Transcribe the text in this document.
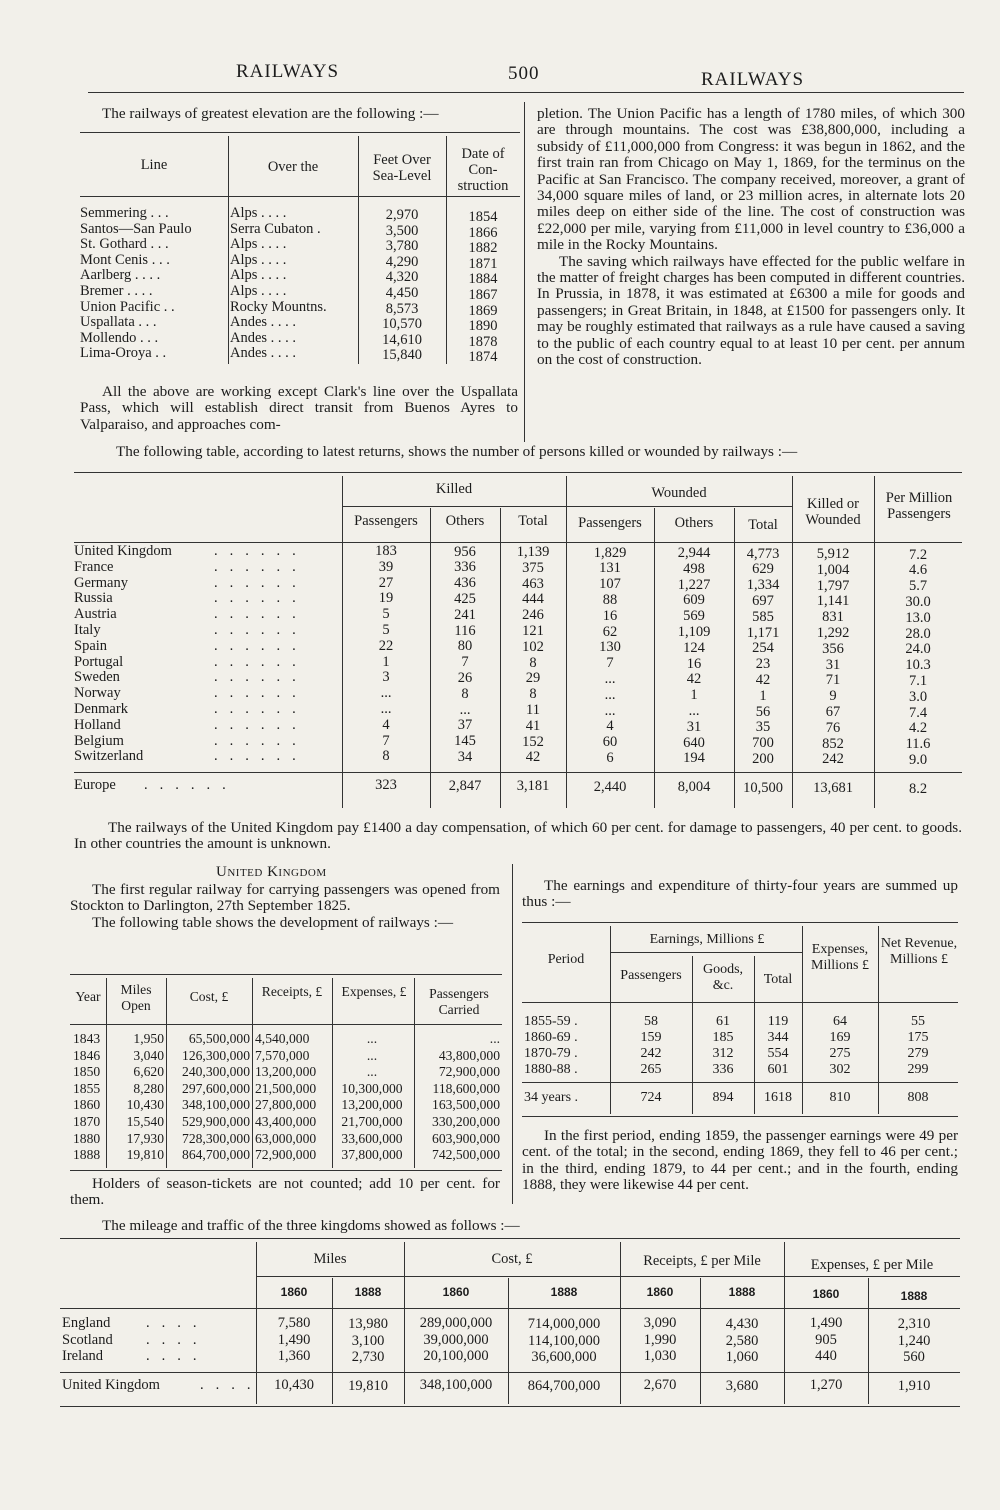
RAILWAYS	500	RAILWAYS

The railways of greatest elevation are the following :—

Line	Over the	Feet Over Sea-Level
Date of Construction
Semmering . . .	Alps . . . .	2,970	1854
Santos—San Paulo	Serra Cubaton .	3,500	1866
St. Gothard . . .	Alps . . . .	3,780	1882
Mont Cenis . . .	Alps . . . .	4,290	1871
Aarlberg . . . .	Alps . . . .	4,320	1884
Bremer . . . .	Alps . . . .	4,450	1867
Union Pacific . .	Rocky Mountns.	8,573	1869
Uspallata . . .	Andes . . . .	10,570	1890
Mollendo . . .	Andes . . . .	14,610	1878
Lima-Oroya . .	Andes . . . .	15,840	1874

All the above are working except Clark's line over the Uspallata Pass, which will establish direct transit from Buenos Ayres to Valparaiso, and approaches com-

pletion. The Union Pacific has a length of 1780 miles, of which 300 are through mountains. The cost was £38,800,000, including a subsidy of £11,000,000 from Congress: it was begun in 1862, and the first train ran from Chicago on May 1, 1869, for the terminus on the Pacific at San Francisco. The company received, moreover, a grant of 34,000 square miles of land, or 23 million acres, in alternate lots 20 miles deep on either side of the line. The cost of construction was £22,000 per mile, varying from £11,000 in level country to £36,000 a mile in the Rocky Mountains.

The saving which railways have effected for the public welfare in the matter of freight charges has been computed in different countries. In Prussia, in 1878, it was estimated at £6300 a mile for goods and passengers; in Great Britain, in 1848, at £1500 for passengers only. It may be roughly estimated that railways as a rule have caused a saving to the public of each country equal to at least 10 per cent. per annum on the cost of construction.

The following table, according to latest returns, shows the number of persons killed or wounded by railways :—

Killed	Wounded
Passengers	Others	Total	Passengers	Others	Total
Killed or Wounded
Per Million Passengers
United Kingdom	......	183	956	1,139	1,829	2,944	4,773	5,912	7.2
France	......	39	336	375	131	498	629	1,004	4.6
Germany	......	27	436	463	107	1,227	1,334	1,797	5.7
Russia	......	19	425	444	88	609	697	1,141	30.0
Austria	......	5	241	246	16	569	585	831	13.0
Italy	......	5	116	121	62	1,109	1,171	1,292	28.0
Spain	......	22	80	102	130	124	254	356	24.0
Portugal	......	1	7	8	7	16	23	31	10.3
Sweden	......	3	26	29	...	42	42	71	7.1
Norway	......	...	8	8	...	1	1	9	3.0
Denmark	......	...	...	11	...	...	56	67	7.4
Holland	......	4	37	41	4	31	35	76	4.2
Belgium	......	7	145	152	60	640	700	852	11.6
Switzerland	......	8	34	42	6	194	200	242	9.0
Europe	......	323	2,847	3,181	2,440	8,004	10,500	13,681	8.2

The railways of the United Kingdom pay £1400 a day compensation, of which 60 per cent. for damage to passengers, 40 per cent. to goods. In other countries the amount is unknown.

United Kingdom

The first regular railway for carrying passengers was opened from Stockton to Darlington, 27th September 1825.

The following table shows the development of railways :—

Year	Miles Open
Cost, £	Receipts, £	Expenses, £	Passengers Carried
1843	1,950	65,500,000 4,540,000	...	...
1846	3,040	126,300,000 7,570,000	...	43,800,000
1850	6,620	240,300,000 13,200,000	...	72,900,000
1855	8,280	297,600,000 21,500,000	10,300,000	118,600,000
1860	10,430	348,100,000 27,800,000	13,200,000	163,500,000
1870	15,540	529,900,000 43,400,000	21,700,000	330,200,000
1880	17,930	728,300,000 63,000,000	33,600,000	603,900,000
1888	19,810	864,700,000 72,900,000	37,800,000	742,500,000

Holders of season-tickets are not counted; add 10 per cent. for them.

The earnings and expenditure of thirty-four years are summed up thus :—

Period
Earnings, Millions £
Passengers	Goods, &c.	Total
Expenses, Millions £
Net Revenue, Millions £
1855-59 .	58	61	119	64	55
1860-69 .	159	185	344	169	175
1870-79 .	242	312	554	275	279
1880-88 .	265	336	601	302	299
34 years .	724	894	1618	810	808

In the first period, ending 1859, the passenger earnings were 49 per cent. of the total; in the second, ending 1869, they fell to 46 per cent.; in the third, ending 1879, to 44 per cent.; and in the fourth, ending 1888, they were likewise 44 per cent.

The mileage and traffic of the three kingdoms showed as follows :—

Miles	Cost, £	Receipts, £ per Mile	Expenses, £ per Mile
1860	1888	1860	1888	1860	1888	1860	1888
England	....	7,580	13,980	289,000,000	714,000,000	3,090	4,430	1,490	2,310
Scotland	....	1,490	3,100	39,000,000	114,100,000	1,990	2,580	905	1,240
Ireland	....	1,360	2,730	20,100,000	36,600,000	1,030	1,060	440	560
United Kingdom	.... 10,430	19,810	348,100,000	864,700,000	2,670	3,680	1,270	1,910
